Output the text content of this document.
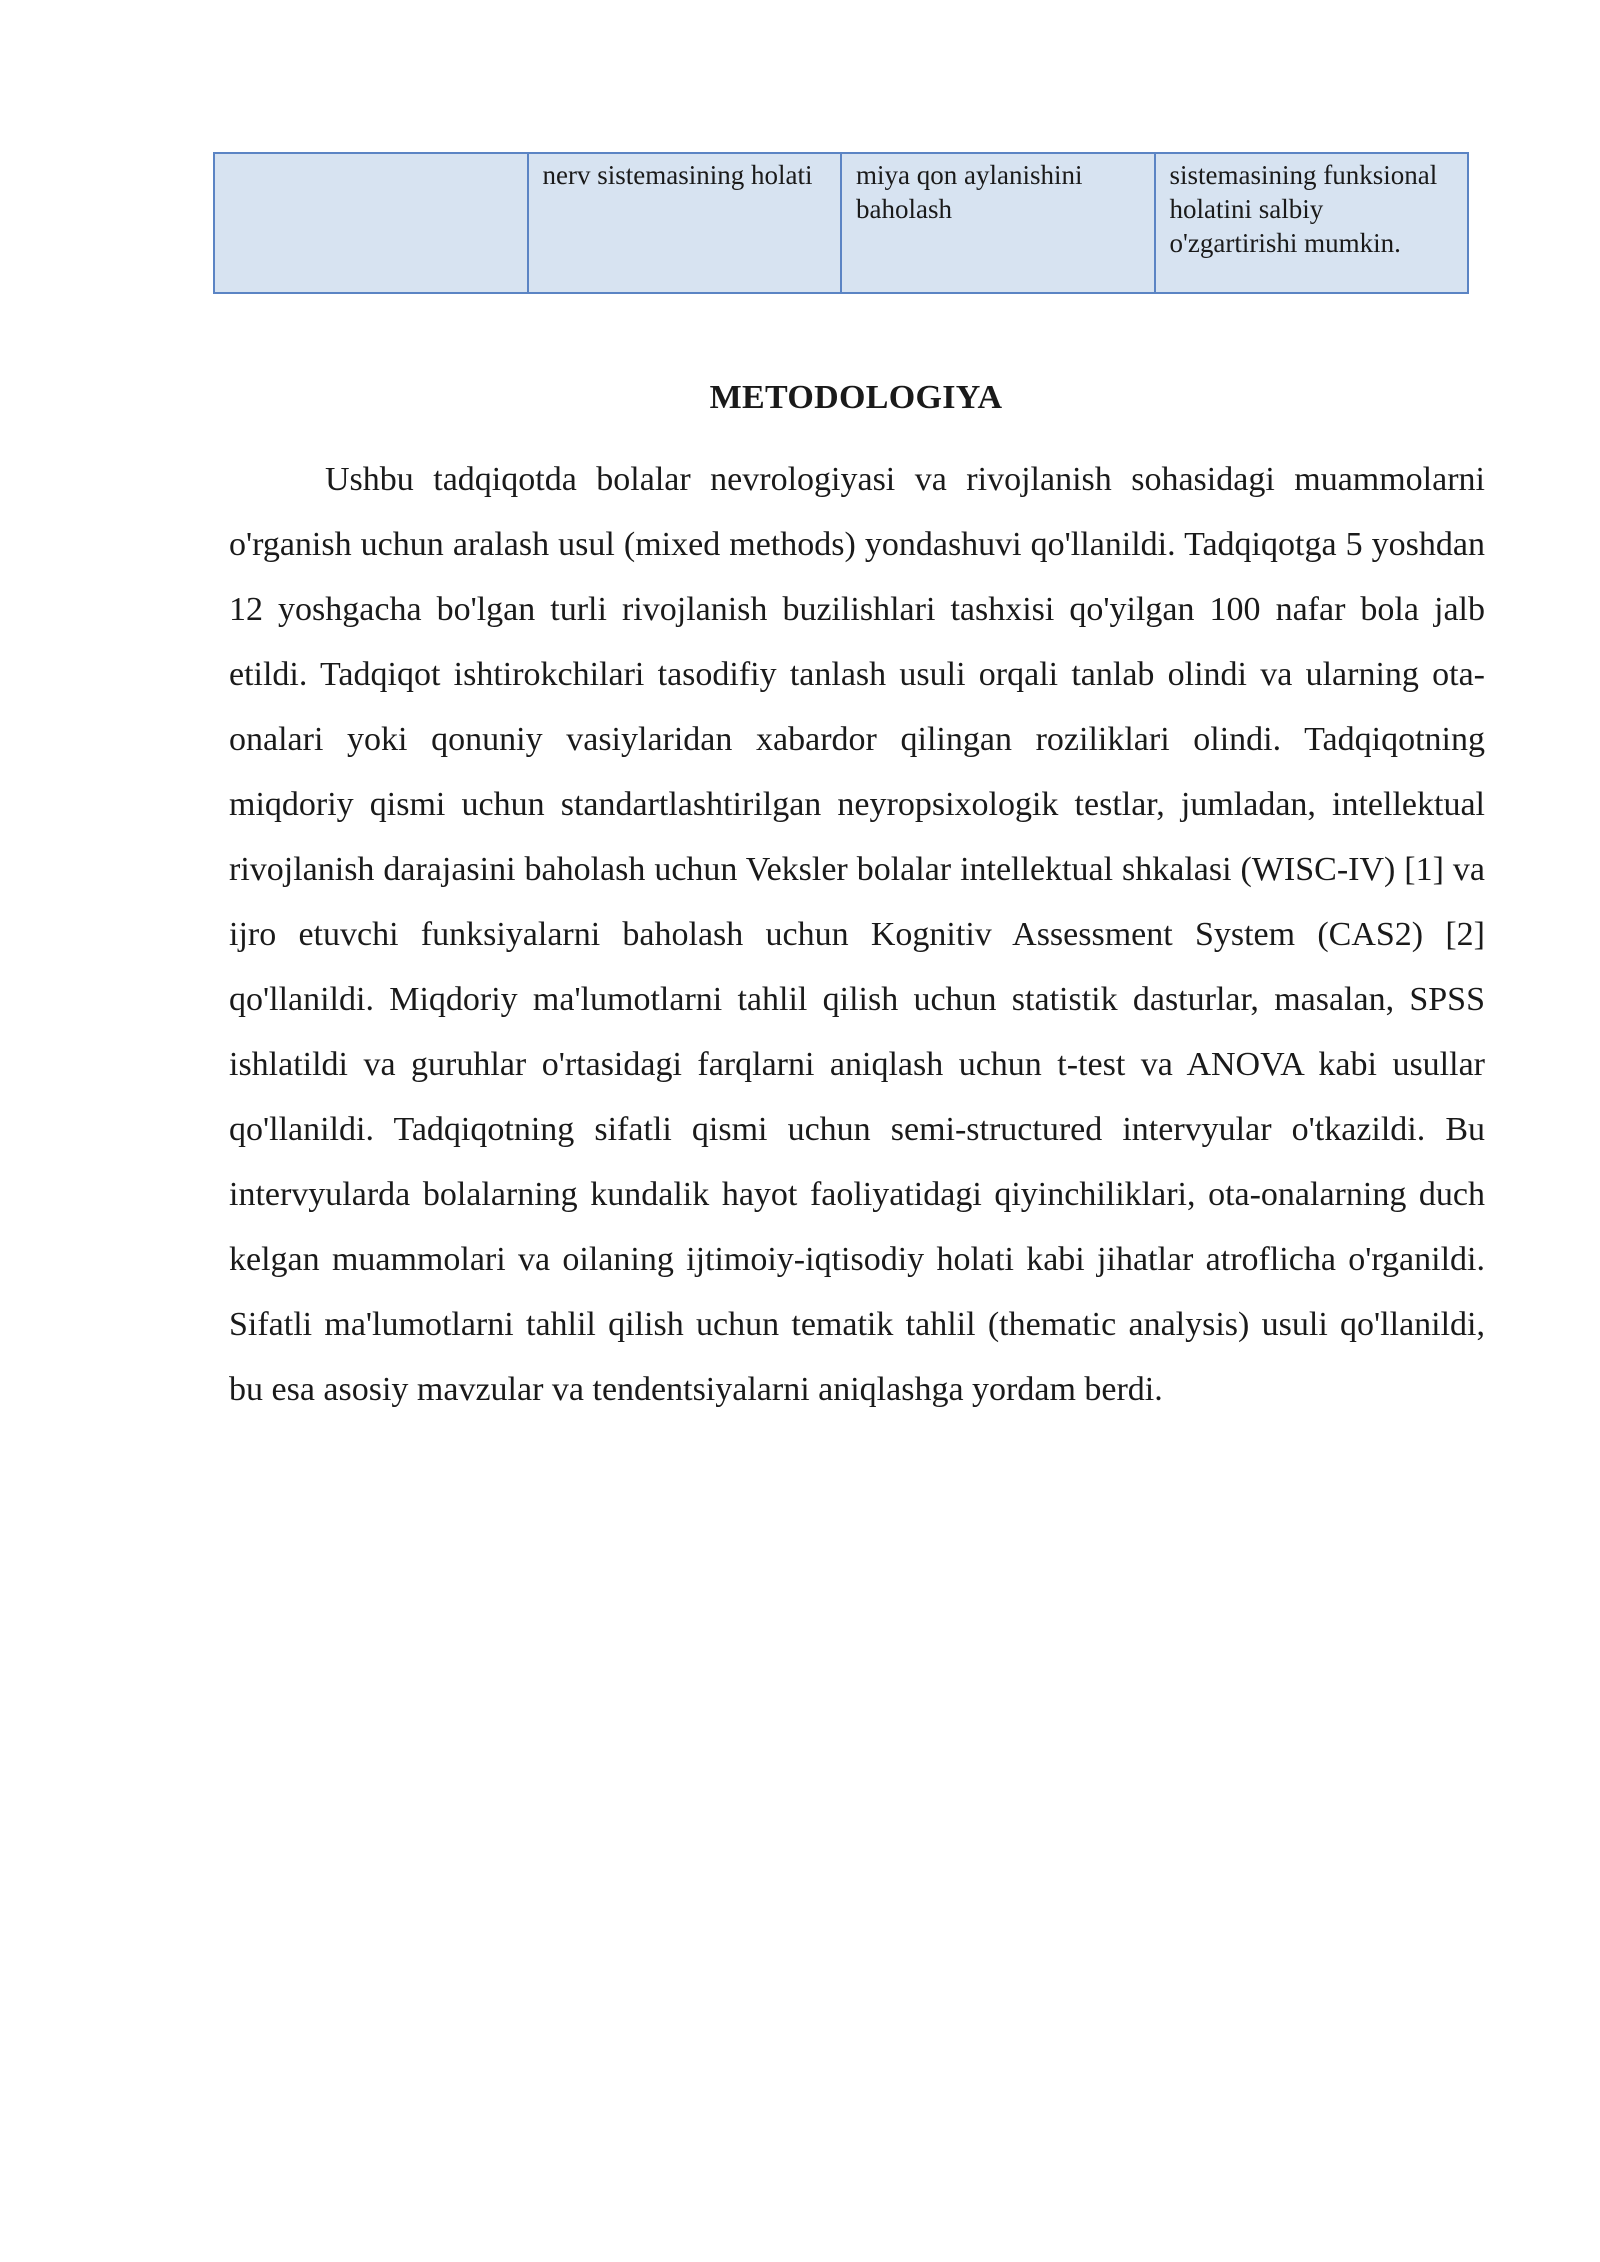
	nerv sistemasining holati	miya qon aylanishini baholash	sistemasining funksional holatini salbiy o'zgartirishi mumkin.
METODOLOGIYA

Ushbu tadqiqotda bolalar nevrologiyasi va rivojlanish sohasidagi muammolarni o'rganish uchun aralash usul (mixed methods) yondashuvi qo'llanildi. Tadqiqotga 5 yoshdan 12 yoshgacha bo'lgan turli rivojlanish buzilishlari tashxisi qo'yilgan 100 nafar bola jalb etildi. Tadqiqot ishtirokchilari tasodifiy tanlash usuli orqali tanlab olindi va ularning ota-onalari yoki qonuniy vasiylaridan xabardor qilingan roziliklari olindi. Tadqiqotning miqdoriy qismi uchun standartlashtirilgan neyropsixologik testlar, jumladan, intellektual rivojlanish darajasini baholash uchun Veksler bolalar intellektual shkalasi (WISC-IV) [1] va ijro etuvchi funksiyalarni baholash uchun Kognitiv Assessment System (CAS2) [2] qo'llanildi. Miqdoriy ma'lumotlarni tahlil qilish uchun statistik dasturlar, masalan, SPSS ishlatildi va guruhlar o'rtasidagi farqlarni aniqlash uchun t-test va ANOVA kabi usullar qo'llanildi. Tadqiqotning sifatli qismi uchun semi-structured intervyular o'tkazildi. Bu intervyularda bolalarning kundalik hayot faoliyatidagi qiyinchiliklari, ota-onalarning duch kelgan muammolari va oilaning ijtimoiy-iqtisodiy holati kabi jihatlar atroflicha o'rganildi. Sifatli ma'lumotlarni tahlil qilish uchun tematik tahlil (thematic analysis) usuli qo'llanildi, bu esa asosiy mavzular va tendentsiyalarni aniqlashga yordam berdi.
